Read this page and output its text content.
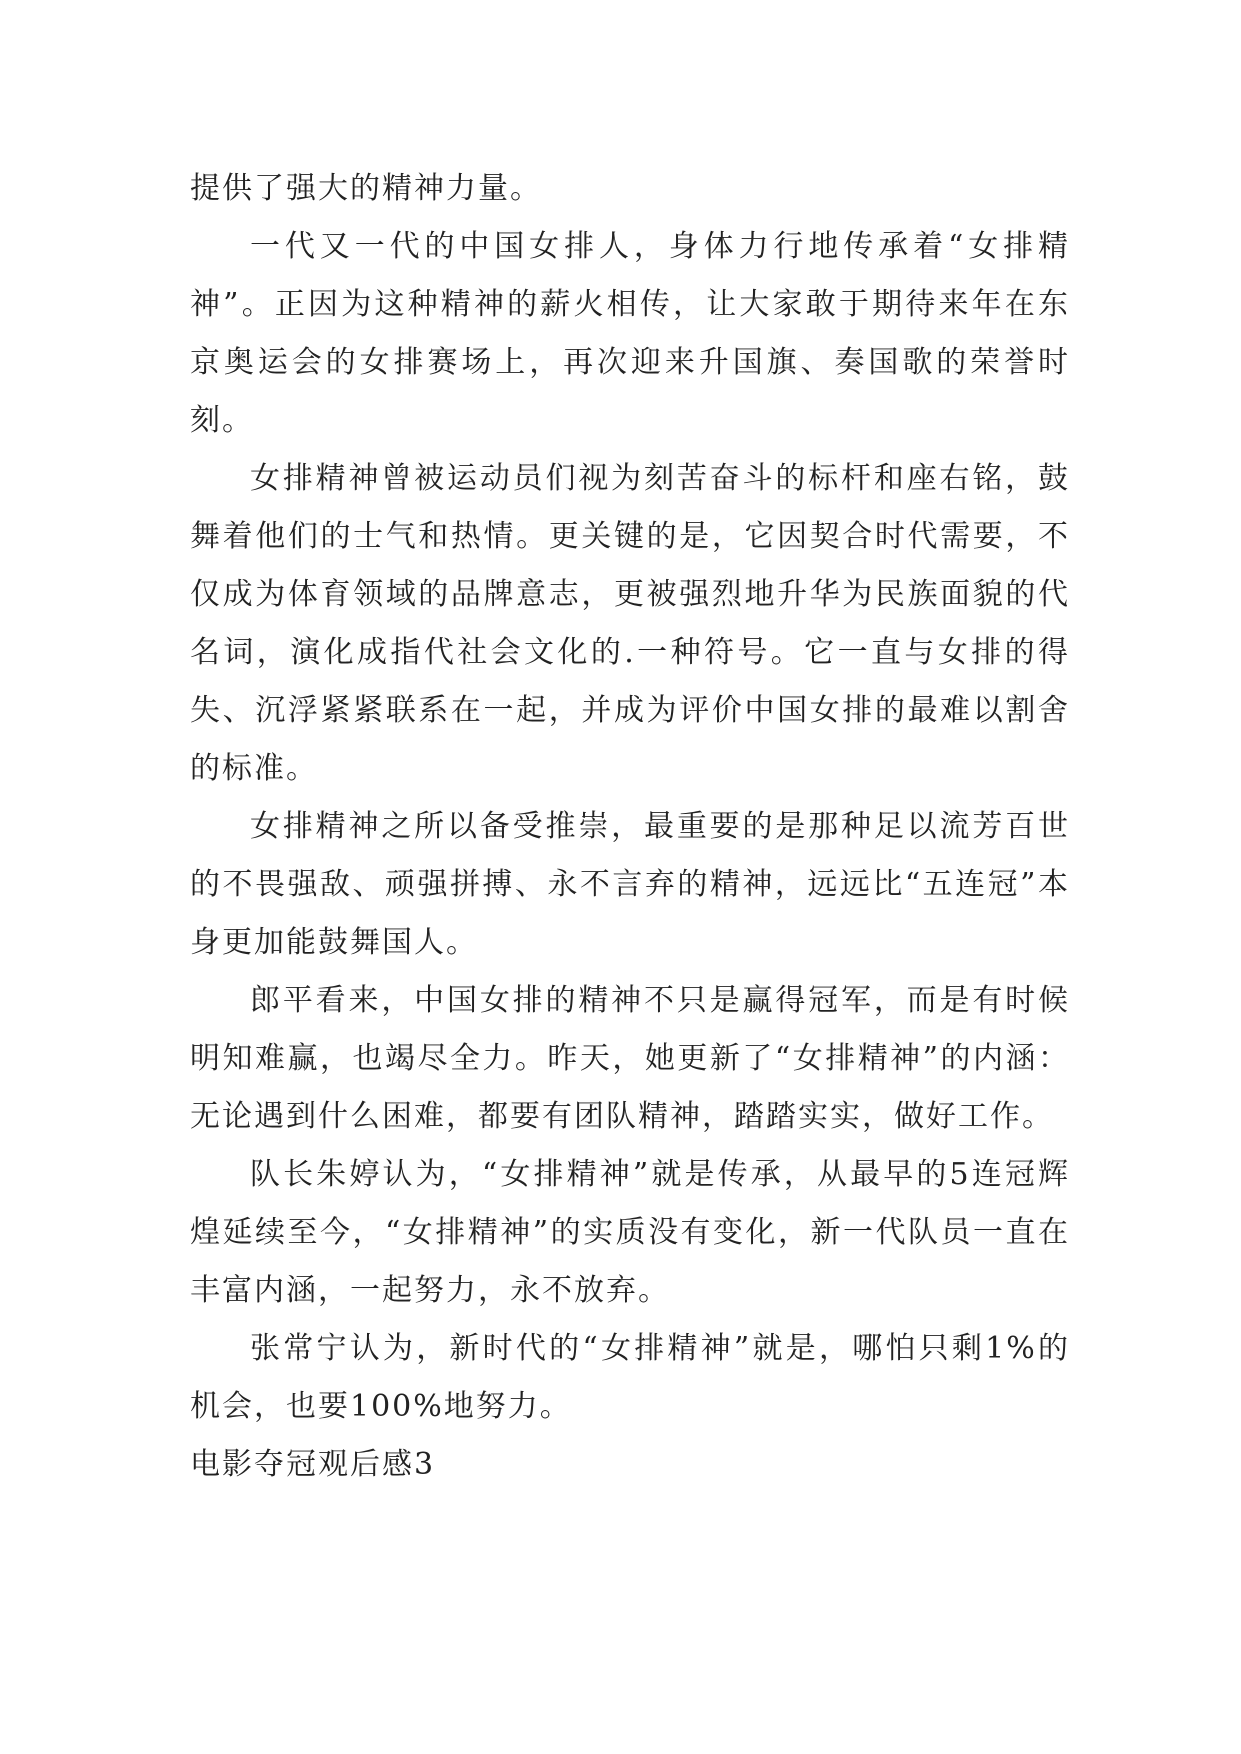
提供了强大的精神力量。

一代又一代的中国女排人，身体力行地传承着“女排精神”。正因为这种精神的薪火相传，让大家敢于期待来年在东京奥运会的女排赛场上，再次迎来升国旗、奏国歌的荣誉时刻。

女排精神曾被运动员们视为刻苦奋斗的标杆和座右铭，鼓舞着他们的士气和热情。更关键的是，它因契合时代需要，不仅成为体育领域的品牌意志，更被强烈地升华为民族面貌的代名词，演化成指代社会文化的.一种符号。它一直与女排的得失、沉浮紧紧联系在一起，并成为评价中国女排的最难以割舍的标准。

女排精神之所以备受推崇，最重要的是那种足以流芳百世的不畏强敌、顽强拼搏、永不言弃的精神，远远比“五连冠”本身更加能鼓舞国人。

郎平看来，中国女排的精神不只是赢得冠军，而是有时候明知难赢，也竭尽全力。昨天，她更新了“女排精神”的内涵：无论遇到什么困难，都要有团队精神，踏踏实实，做好工作。

队长朱婷认为，“女排精神”就是传承，从最早的5连冠辉煌延续至今，“女排精神”的实质没有变化，新一代队员一直在丰富内涵，一起努力，永不放弃。

张常宁认为，新时代的“女排精神”就是，哪怕只剩1%的机会，也要100%地努力。

电影夺冠观后感3
